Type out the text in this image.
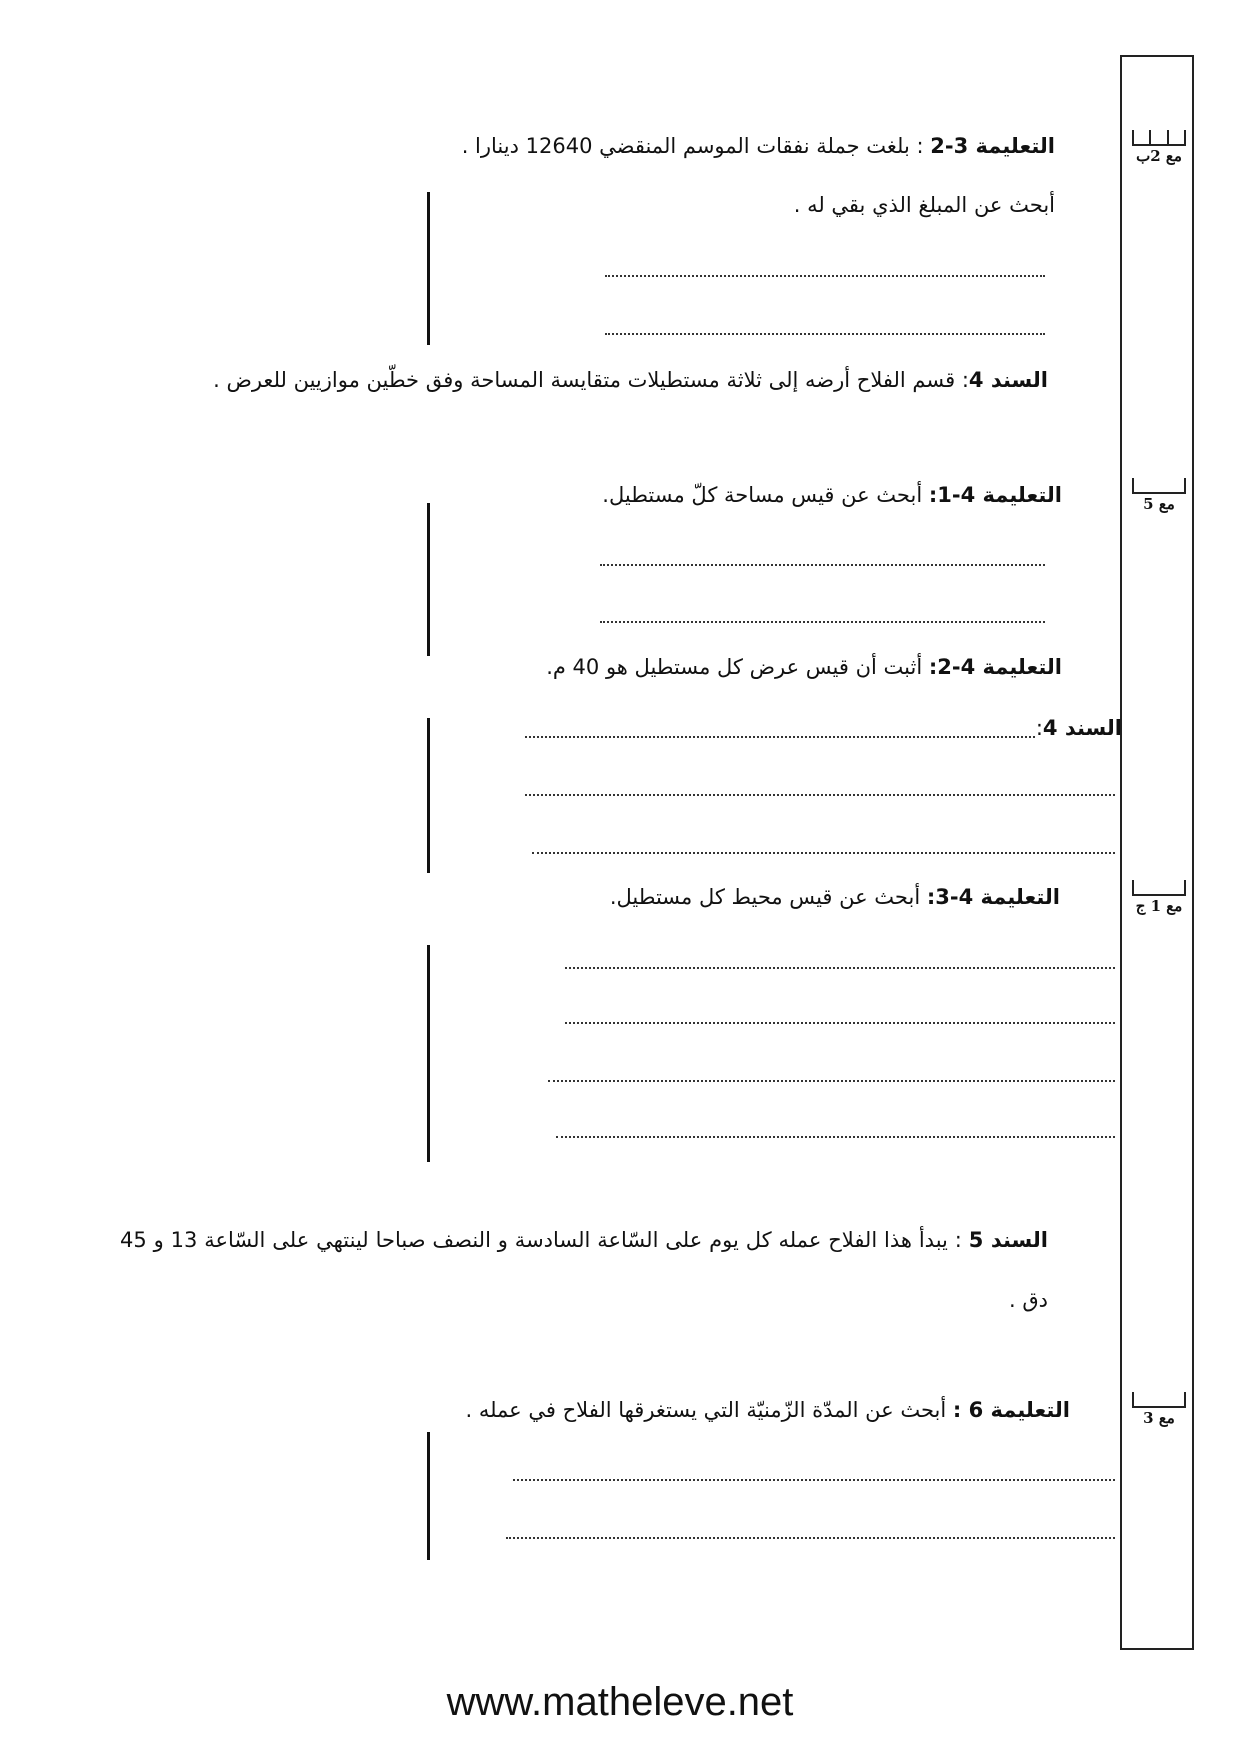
مع 2ب
مع 5
مع 1 ج
مع 3
التعليمة 3-2 : بلغت جملة نفقات الموسم المنقضي 12640 دينارا .
أبحث عن المبلغ الذي بقي له .
السند 4: قسم الفلاح أرضه إلى ثلاثة مستطيلات متقايسة المساحة وفق خطّين موازيين للعرض .
التعليمة 4-1: أبحث عن قيس مساحة كلّ مستطيل.
التعليمة 4-2: أثبت أن قيس عرض كل مستطيل هو 40 م.
السند 4:
التعليمة 4-3: أبحث عن قيس محيط كل مستطيل.
السند 5 : يبدأ هذا الفلاح عمله كل يوم على السّاعة السادسة و النصف صباحا لينتهي على السّاعة 13 و 45 دق .
التعليمة 6 : أبحث عن المدّة الزّمنيّة التي يستغرقها الفلاح في عمله .
www.matheleve.net
